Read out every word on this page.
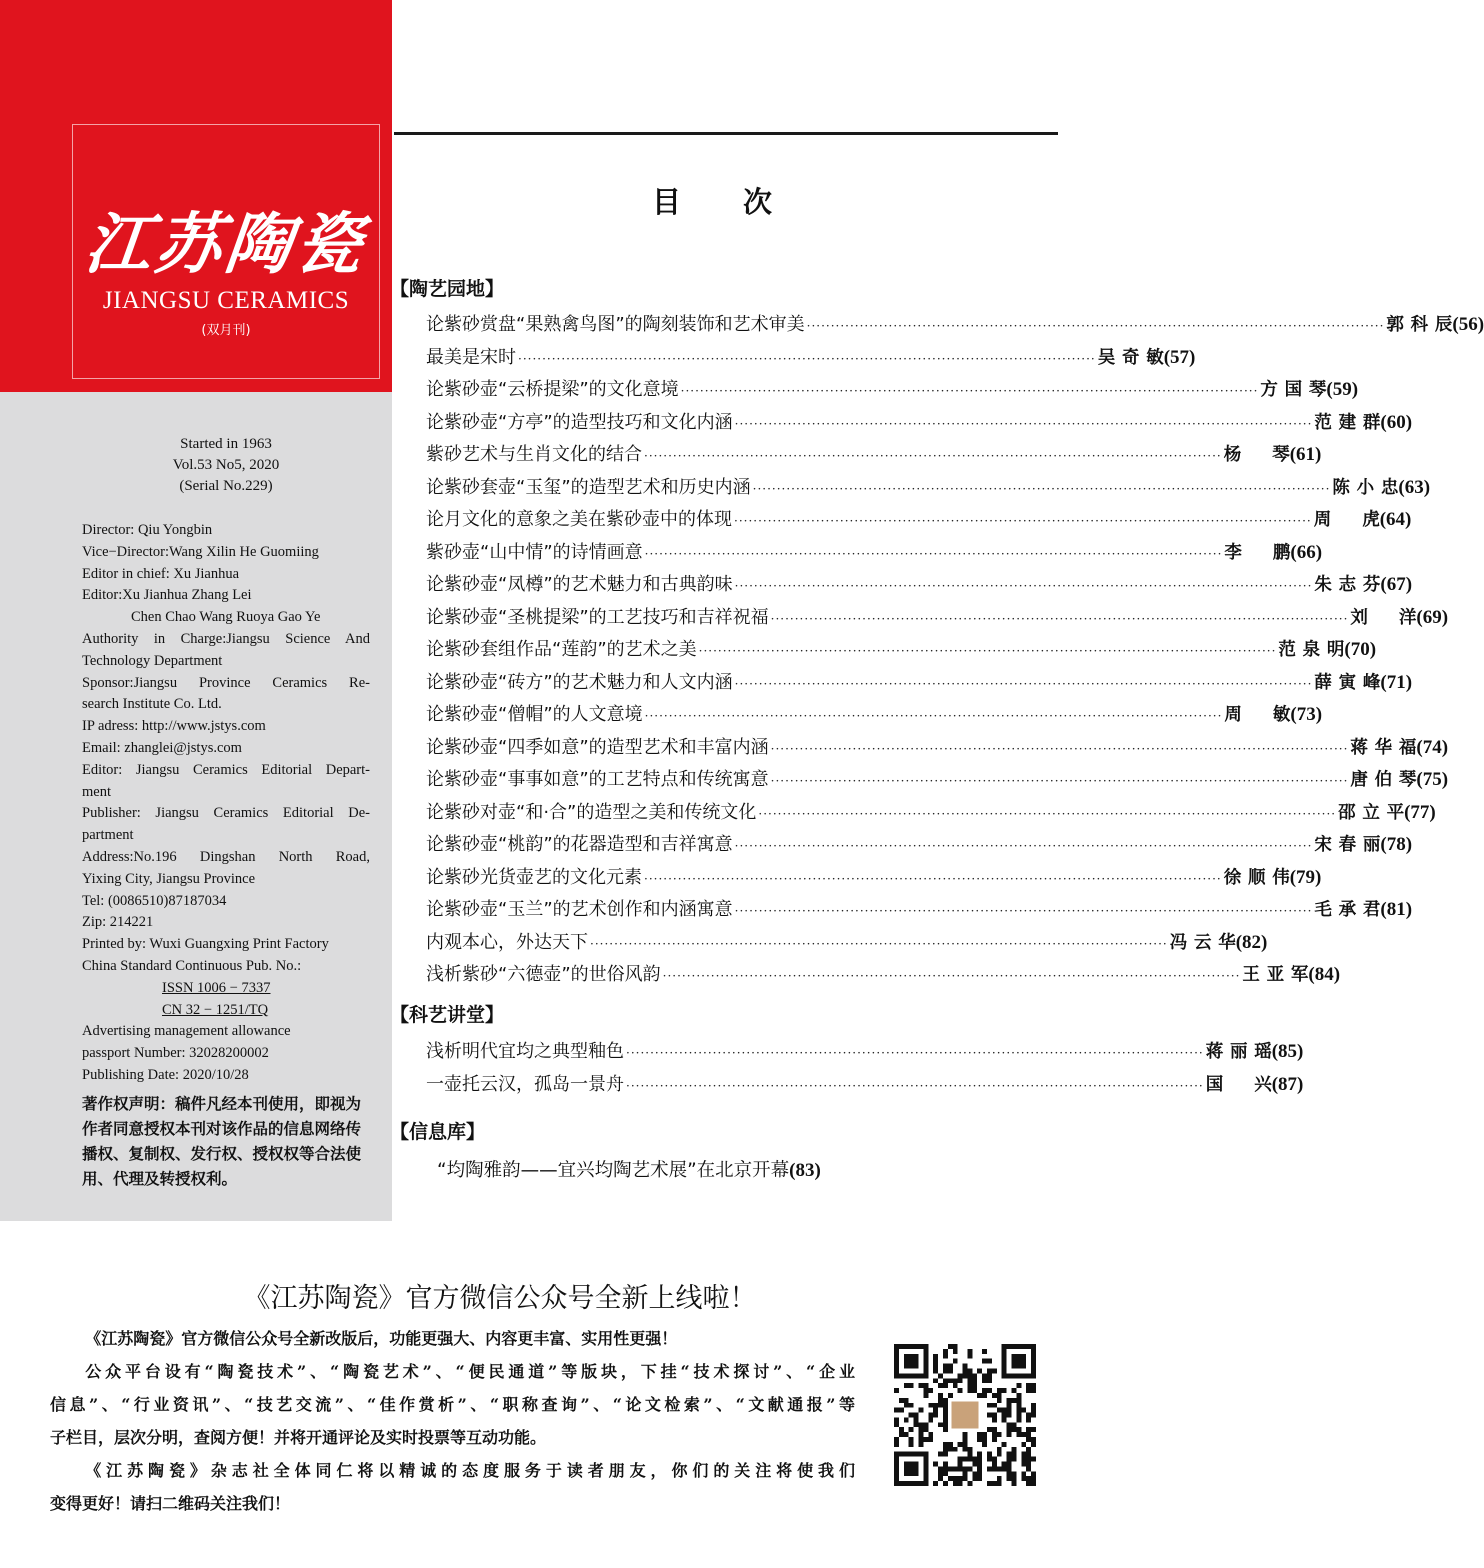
江苏陶瓷
JIANGSU CERAMICS
(双月刊)
Started in 1963
Vol.53 No5, 2020
(Serial No.229)
Director: Qiu Yongbin
Vice−Director:Wang Xilin He Guomiing
Editor in chief: Xu Jianhua
Editor:Xu Jianhua Zhang Lei
Chen Chao Wang Ruoya Gao Ye
Authority in Charge:Jiangsu Science And
Technology Department
Sponsor:Jiangsu Province Ceramics Re-
search Institute Co. Ltd.
IP adress: http://www.jstys.com
Email: zhanglei@jstys.com
Editor: Jiangsu Ceramics Editorial Depart-
ment
Publisher: Jiangsu Ceramics Editorial De-
partment
Address:No.196 Dingshan North Road,
Yixing City, Jiangsu Province
Tel: (0086510)87187034
Zip: 214221
Printed by: Wuxi Guangxing Print Factory
China Standard Continuous Pub. No.:
ISSN 1006 − 7337
CN 32 − 1251/TQ
Advertising management allowance
passport Number: 32028200002
Publishing Date: 2020/10/28
著作权声明：稿件凡经本刊使用，即视为作者同意授权本刊对该作品的信息网络传播权、复制权、发行权、授权权等合法使用、代理及转授权利。
目 次
【陶艺园地】
论紫砂赏盘“果熟禽鸟图”的陶刻装饰和艺术审美 ························································································································ 郭科辰(56)
最美是宋时 ························································································································ 吴奇敏(57)
论紫砂壶“云桥提梁”的文化意境 ························································································································ 方国琴(59)
论紫砂壶“方亭”的造型技巧和文化内涵 ························································································································ 范建群(60)
紫砂艺术与生肖文化的结合 ························································································································ 杨琴(61)
论紫砂套壶“玉玺”的造型艺术和历史内涵 ························································································································ 陈小忠(63)
论月文化的意象之美在紫砂壶中的体现 ························································································································ 周虎(64)
紫砂壶“山中情”的诗情画意 ························································································································ 李鹏(66)
论紫砂壶“凤樽”的艺术魅力和古典韵味 ························································································································ 朱志芬(67)
论紫砂壶“圣桃提梁”的工艺技巧和吉祥祝福 ························································································································ 刘洋(69)
论紫砂套组作品“莲韵”的艺术之美 ························································································································ 范泉明(70)
论紫砂壶“砖方”的艺术魅力和人文内涵 ························································································································ 薛寅峰(71)
论紫砂壶“僧帽”的人文意境 ························································································································ 周敏(73)
论紫砂壶“四季如意”的造型艺术和丰富内涵 ························································································································ 蒋华福(74)
论紫砂壶“事事如意”的工艺特点和传统寓意 ························································································································ 唐伯琴(75)
论紫砂对壶“和·合”的造型之美和传统文化 ························································································································ 邵立平(77)
论紫砂壶“桃韵”的花器造型和吉祥寓意 ························································································································ 宋春丽(78)
论紫砂光货壶艺的文化元素 ························································································································ 徐顺伟(79)
论紫砂壶“玉兰”的艺术创作和内涵寓意 ························································································································ 毛承君(81)
内观本心，外达天下 ························································································································ 冯云华(82)
浅析紫砂“六德壶”的世俗风韵 ························································································································ 王亚军(84)
【科艺讲堂】
浅析明代宜均之典型釉色 ························································································································ 蒋丽瑶(85)
一壶托云汉，孤岛一景舟 ························································································································ 国兴(87)
【信息库】
“均陶雅韵——宜兴均陶艺术展”在北京开幕(83)
《江苏陶瓷》官方微信公众号全新上线啦！

《江苏陶瓷》官方微信公众号全新改版后，功能更强大、内容更丰富、实用性更强！

公众平台设有“陶瓷技术”、“陶瓷艺术”、“便民通道”等版块，下挂“技术探讨”、“企业

信息”、“行业资讯”、“技艺交流”、“佳作赏析”、“职称查询”、“论文检索”、“文献通报”等

子栏目，层次分明，查阅方便！并将开通评论及实时投票等互动功能。

《江苏陶瓷》杂志社全体同仁将以精诚的态度服务于读者朋友，你们的关注将使我们

变得更好！请扫二维码关注我们！
